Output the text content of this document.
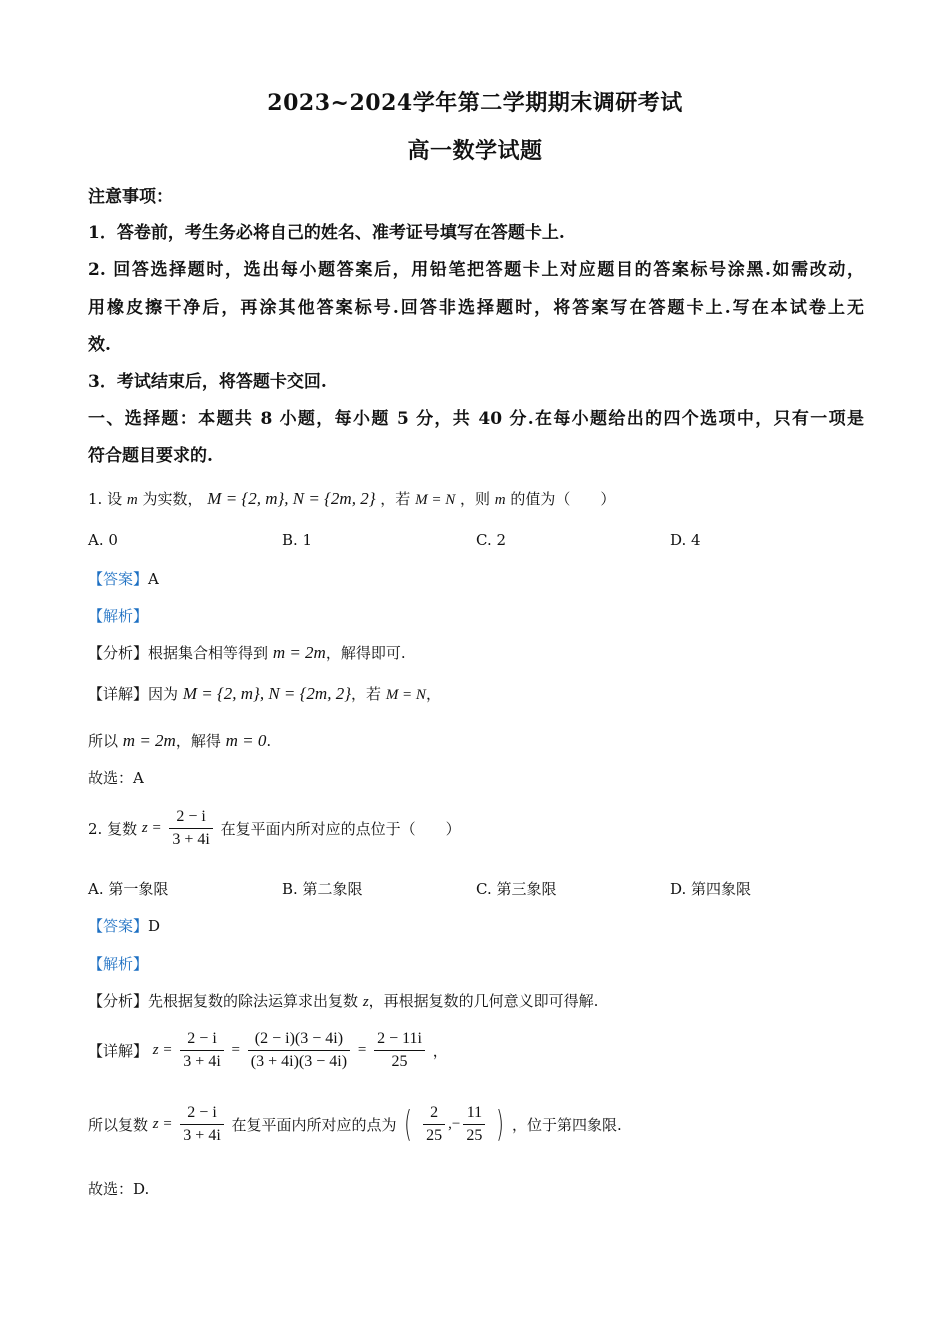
2023~2024学年第二学期期末调研考试
高一数学试题
注意事项：
1．答卷前，考生务必将自己的姓名、准考证号填写在答题卡上.
2. 回答选择题时，选出每小题答案后，用铅笔把答题卡上对应题目的答案标号涂黑.如需改动，
用橡皮擦干净后，再涂其他答案标号.回答非选择题时，将答案写在答题卡上.写在本试卷上无
效.
3．考试结束后，将答题卡交回.
一、选择题：本题共 8 小题，每小题 5 分，共 40 分.在每小题给出的四个选项中，只有一项是
符合题目要求的.
1. 设 m 为实数， M = {2, m}, N = {2m, 2} ，若 M = N ，则 m 的值为（　　）
A. 0	B. 1	C. 2	D. 4
【答案】A
【解析】
【分析】根据集合相等得到 m = 2m，解得即可.
【详解】因为 M = {2, m}, N = {2m, 2}，若 M = N，
所以 m = 2m，解得 m = 0.
故选：A
2. 复数 $z = \frac{2 - i}{3 + 4i}$ 在复平面内所对应的点位于（　　）
A. 第一象限	B. 第二象限	C. 第三象限	D. 第四象限
【答案】D
【解析】
【分析】先根据复数的除法运算求出复数 z，再根据复数的几何意义即可得解.
【详解】 $z = \frac{2 - i}{3 + 4i} = \frac{(2 - i)(3 - 4i)}{(3 + 4i)(3 - 4i)} = \frac{2 - 11i}{25}$ ，
所以复数 $z = \frac{2 - i}{3 + 4i}$ 在复平面内所对应的点为 ( $\frac{2}{25}$ ,− $\frac{11}{25}$ ) ，位于第四象限.
故选：D.
